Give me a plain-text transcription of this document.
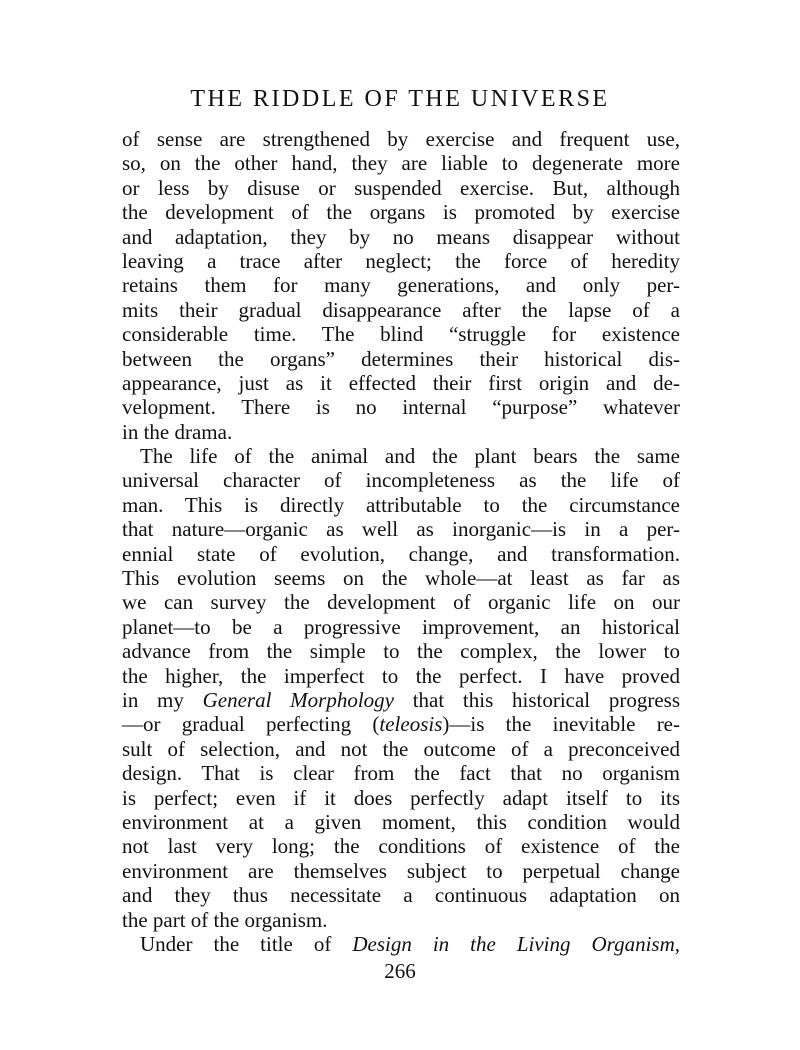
THE RIDDLE OF THE UNIVERSE
of sense are strengthened by exercise and frequent use,
so, on the other hand, they are liable to degenerate more
or less by disuse or suspended exercise. But, although
the development of the organs is promoted by exercise
and adaptation, they by no means disappear without
leaving a trace after neglect; the force of heredity
retains them for many generations, and only per-
mits their gradual disappearance after the lapse of a
considerable time. The blind “struggle for existence
between the organs” determines their historical dis-
appearance, just as it effected their first origin and de-
velopment. There is no internal “purpose” whatever
in the drama.
The life of the animal and the plant bears the same
universal character of incompleteness as the life of
man. This is directly attributable to the circumstance
that nature—organic as well as inorganic—is in a per-
ennial state of evolution, change, and transformation.
This evolution seems on the whole—at least as far as
we can survey the development of organic life on our
planet—to be a progressive improvement, an historical
advance from the simple to the complex, the lower to
the higher, the imperfect to the perfect. I have proved
in my General Morphology that this historical progress
—or gradual perfecting (teleosis)—is the inevitable re-
sult of selection, and not the outcome of a preconceived
design. That is clear from the fact that no organism
is perfect; even if it does perfectly adapt itself to its
environment at a given moment, this condition would
not last very long; the conditions of existence of the
environment are themselves subject to perpetual change
and they thus necessitate a continuous adaptation on
the part of the organism.
Under the title of Design in the Living Organism,
266
